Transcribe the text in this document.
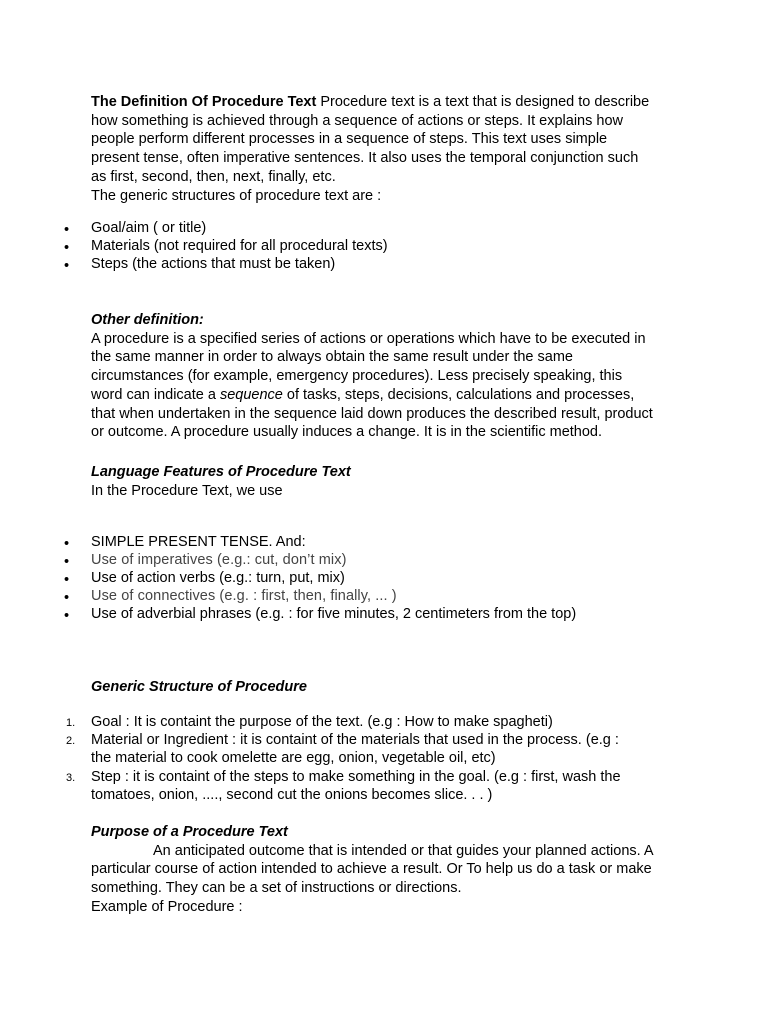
The Definition Of Procedure Text Procedure text is a text that is designed to describe
how something is achieved through a sequence of actions or steps. It explains how
people perform different processes in a sequence of steps. This text uses simple
present tense, often imperative sentences. It also uses the temporal conjunction such
as first, second, then, next, finally, etc.
The generic structures of procedure text are :
•	Goal/aim ( or title)
•	Materials (not required for all procedural texts)
•	Steps (the actions that must be taken)
Other definition:
A procedure is a specified series of actions or operations which have to be executed in
the same manner in order to always obtain the same result under the same
circumstances (for example, emergency procedures). Less precisely speaking, this
word can indicate a sequence of tasks, steps, decisions, calculations and processes,
that when undertaken in the sequence laid down produces the described result, product
or outcome. A procedure usually induces a change. It is in the scientific method.
Language Features of Procedure Text
In the Procedure Text, we use
•	SIMPLE PRESENT TENSE. And:
•	Use of imperatives (e.g.: cut, don’t mix)
•	Use of action verbs (e.g.: turn, put, mix)
•	Use of connectives (e.g. : first, then, finally, ... )
•	Use of adverbial phrases (e.g. : for five minutes, 2 centimeters from the top)
Generic Structure of Procedure
1.	Goal : It is containt the purpose of the text. (e.g : How to make spagheti)
2.	Material or Ingredient : it is containt of the materials that used in the process. (e.g :
the material to cook omelette are egg, onion, vegetable oil, etc)
3.	Step : it is containt of the steps to make something in the goal. (e.g : first, wash the
tomatoes, onion, ...., second cut the onions becomes slice. . . )
Purpose of a Procedure Text
An anticipated outcome that is intended or that guides your planned actions. A
particular course of action intended to achieve a result. Or To help us do a task or make
something. They can be a set of instructions or directions.
Example of Procedure :
